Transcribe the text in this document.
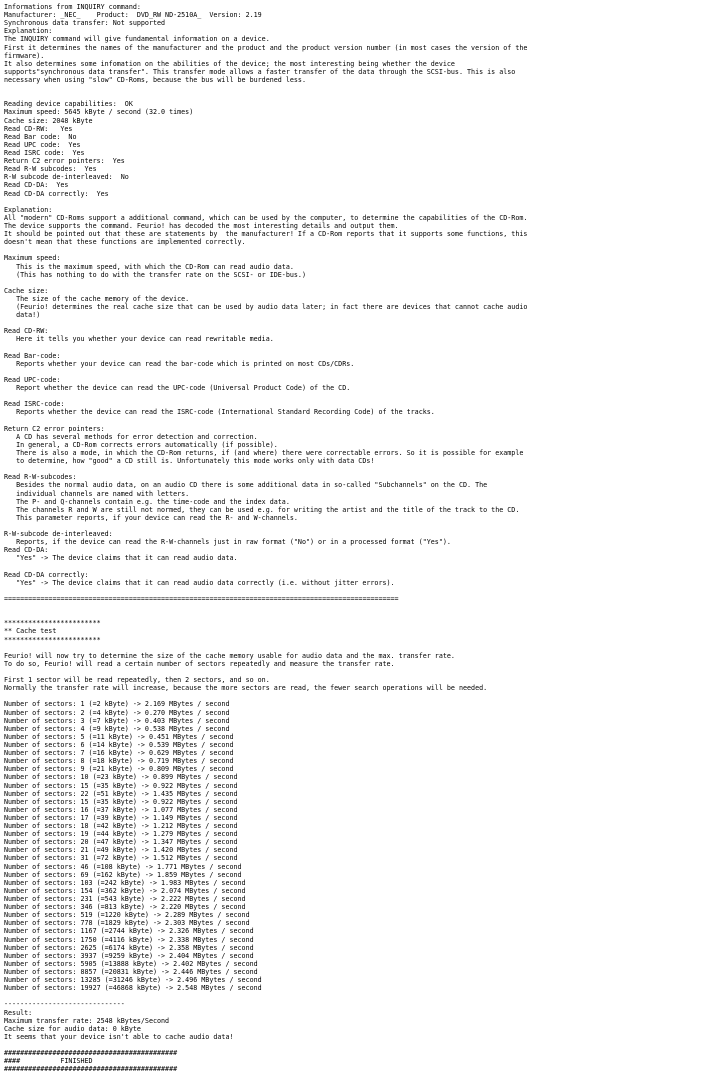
Informations from INQUIRY command:
Manufacturer: _NEC_    Product:  DVD_RW ND-2510A_  Version: 2.19
Synchronous data transfer: Not supported
Explanation:
The INQUIRY command will give fundamental information on a device.
First it determines the names of the manufacturer and the product and the product version number (in most cases the version of the
firmware).
It also determines some infomation on the abilities of the device; the most interesting being whether the device
supports"synchronous data transfer". This transfer mode allows a faster transfer of the data through the SCSI-bus. This is also
necessary when using "slow" CD-Roms, because the bus will be burdened less.
Reading device capabilities:  OK
Maximum speed: 5645 kByte / second (32.0 times)
Cache size: 2048 kByte
Read CD-RW:   Yes
Read Bar code:  No
Read UPC code:  Yes
Read ISRC code:  Yes
Return C2 error pointers:  Yes
Read R-W subcodes:  Yes
R-W subcode de-interleaved:  No
Read CD-DA:  Yes
Read CD-DA correctly:  Yes
Explanation:
All "modern" CD-Roms support a additional command, which can be used by the computer, to determine the capabilities of the CD-Rom.
The device supports the command. Feurio! has decoded the most interesting details and output them.
It should be pointed out that these are statements by  the manufacturer! If a CD-Rom reports that it supports some functions, this
doesn't mean that these functions are implemented correctly.
Maximum speed:
This is the maximum speed, with which the CD-Rom can read audio data.
(This has nothing to do with the transfer rate on the SCSI- or IDE-bus.)
Cache size:
The size of the cache memory of the device.
(Feurio! determines the real cache size that can be used by audio data later; in fact there are devices that cannot cache audio
data!)
Read CD-RW:
Here it tells you whether your device can read rewritable media.
Read Bar-code:
Reports whether your device can read the bar-code which is printed on most CDs/CDRs.
Read UPC-code:
Report whether the device can read the UPC-code (Universal Product Code) of the CD.
Read ISRC-code:
Reports whether the device can read the ISRC-code (International Standard Recording Code) of the tracks.
Return C2 error pointers:
A CD has several methods for error detection and correction.
In general, a CD-Rom corrects errors automatically (if possible).
There is also a mode, in which the CD-Rom returns, if (and where) there were correctable errors. So it is possible for example
to determine, how "good" a CD still is. Unfortunately this mode works only with data CDs!
Read R-W-subcodes:
Besides the normal audio data, on an audio CD there is some additional data in so-called "Subchannels" on the CD. The
individual channels are named with letters.
The P- and Q-channels contain e.g. the time-code and the index data.
The channels R and W are still not normed, they can be used e.g. for writing the artist and the title of the track to the CD.
This parameter reports, if your device can read the R- and W-channels.
R-W-subcode de-interleaved:
Reports, if the device can read the R-W-channels just in raw format ("No") or in a processed format ("Yes").
Read CD-DA:
"Yes" -> The device claims that it can read audio data.
Read CD-DA correctly:
"Yes" -> The device claims that it can read audio data correctly (i.e. without jitter errors).
==================================================================================================
************************
** Cache test
************************
Feurio! will now try to determine the size of the cache memory usable for audio data and the max. transfer rate.
To do so, Feurio! will read a certain number of sectors repeatedly and measure the transfer rate.
First 1 sector will be read repeatedly, then 2 sectors, and so on.
Normally the transfer rate will increase, because the more sectors are read, the fewer search operations will be needed.
Number of sectors: 1 (=2 kByte) -> 2.169 MBytes / second
Number of sectors: 2 (=4 kByte) -> 0.270 MBytes / second
Number of sectors: 3 (=7 kByte) -> 0.403 MBytes / second
Number of sectors: 4 (=9 kByte) -> 0.538 MBytes / second
Number of sectors: 5 (=11 kByte) -> 0.451 MBytes / second
Number of sectors: 6 (=14 kByte) -> 0.539 MBytes / second
Number of sectors: 7 (=16 kByte) -> 0.629 MBytes / second
Number of sectors: 8 (=18 kByte) -> 0.719 MBytes / second
Number of sectors: 9 (=21 kByte) -> 0.809 MBytes / second
Number of sectors: 10 (=23 kByte) -> 0.899 MBytes / second
Number of sectors: 15 (=35 kByte) -> 0.922 MBytes / second
Number of sectors: 22 (=51 kByte) -> 1.435 MBytes / second
Number of sectors: 15 (=35 kByte) -> 0.922 MBytes / second
Number of sectors: 16 (=37 kByte) -> 1.077 MBytes / second
Number of sectors: 17 (=39 kByte) -> 1.149 MBytes / second
Number of sectors: 18 (=42 kByte) -> 1.212 MBytes / second
Number of sectors: 19 (=44 kByte) -> 1.279 MBytes / second
Number of sectors: 20 (=47 kByte) -> 1.347 MBytes / second
Number of sectors: 21 (=49 kByte) -> 1.420 MBytes / second
Number of sectors: 31 (=72 kByte) -> 1.512 MBytes / second
Number of sectors: 46 (=108 kByte) -> 1.771 MBytes / second
Number of sectors: 69 (=162 kByte) -> 1.859 MBytes / second
Number of sectors: 103 (=242 kByte) -> 1.983 MBytes / second
Number of sectors: 154 (=362 kByte) -> 2.074 MBytes / second
Number of sectors: 231 (=543 kByte) -> 2.222 MBytes / second
Number of sectors: 346 (=813 kByte) -> 2.220 MBytes / second
Number of sectors: 519 (=1220 kByte) -> 2.289 MBytes / second
Number of sectors: 778 (=1829 kByte) -> 2.303 MBytes / second
Number of sectors: 1167 (=2744 kByte) -> 2.326 MBytes / second
Number of sectors: 1750 (=4116 kByte) -> 2.338 MBytes / second
Number of sectors: 2625 (=6174 kByte) -> 2.358 MBytes / second
Number of sectors: 3937 (=9259 kByte) -> 2.404 MBytes / second
Number of sectors: 5905 (=13888 kByte) -> 2.402 MBytes / second
Number of sectors: 8857 (=20831 kByte) -> 2.446 MBytes / second
Number of sectors: 13285 (=31246 kByte) -> 2.496 MBytes / second
Number of sectors: 19927 (=46868 kByte) -> 2.548 MBytes / second
------------------------------
Result:
Maximum transfer rate: 2548 kBytes/Second
Cache size for audio data: 0 kByte
It seems that your device isn't able to cache audio data!
###########################################
####          FINISHED
###########################################
